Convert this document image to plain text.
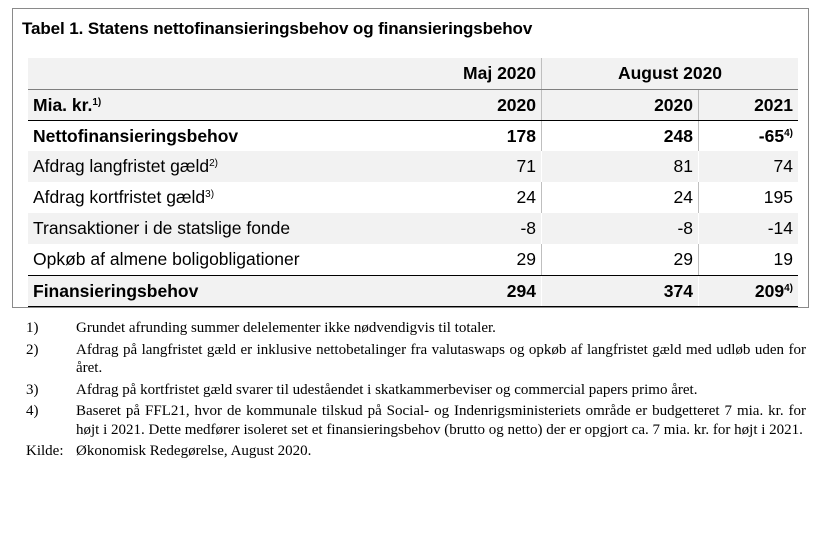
Tabel 1. Statens nettofinansieringsbehov og finansieringsbehov
Maj 2020	August 2020
Mia. kr.$^{1)}$	2020	2020	2021
Nettofinansieringsbehov	178	248	-65$^{4)}$
Afdrag langfristet gæld$^{2)}$	71	81	74
Afdrag kortfristet gæld$^{3)}$	24	24	195
Transaktioner i de statslige fonde	-8	-8	-14
Opkøb af almene boligobligationer	29	29	19
Finansieringsbehov	294	374	209$^{4)}$
1)	Grundet afrunding summer delelementer ikke nødvendigvis til totaler.
2)	Afdrag på langfristet gæld er inklusive nettobetalinger fra valutaswaps og opkøb af langfristet gæld med udløb uden for året.
3)	Afdrag på kortfristet gæld svarer til udeståendet i skatkammerbeviser og commercial papers primo året.
4)	Baseret på FFL21, hvor de kommunale tilskud på Social- og Indenrigsministeriets område er budgetteret 7 mia. kr. for højt i 2021. Dette medfører isoleret set et finansieringsbehov (brutto og netto) der er opgjort ca. 7 mia. kr. for højt i 2021.
Kilde: Økonomisk Redegørelse, August 2020.
